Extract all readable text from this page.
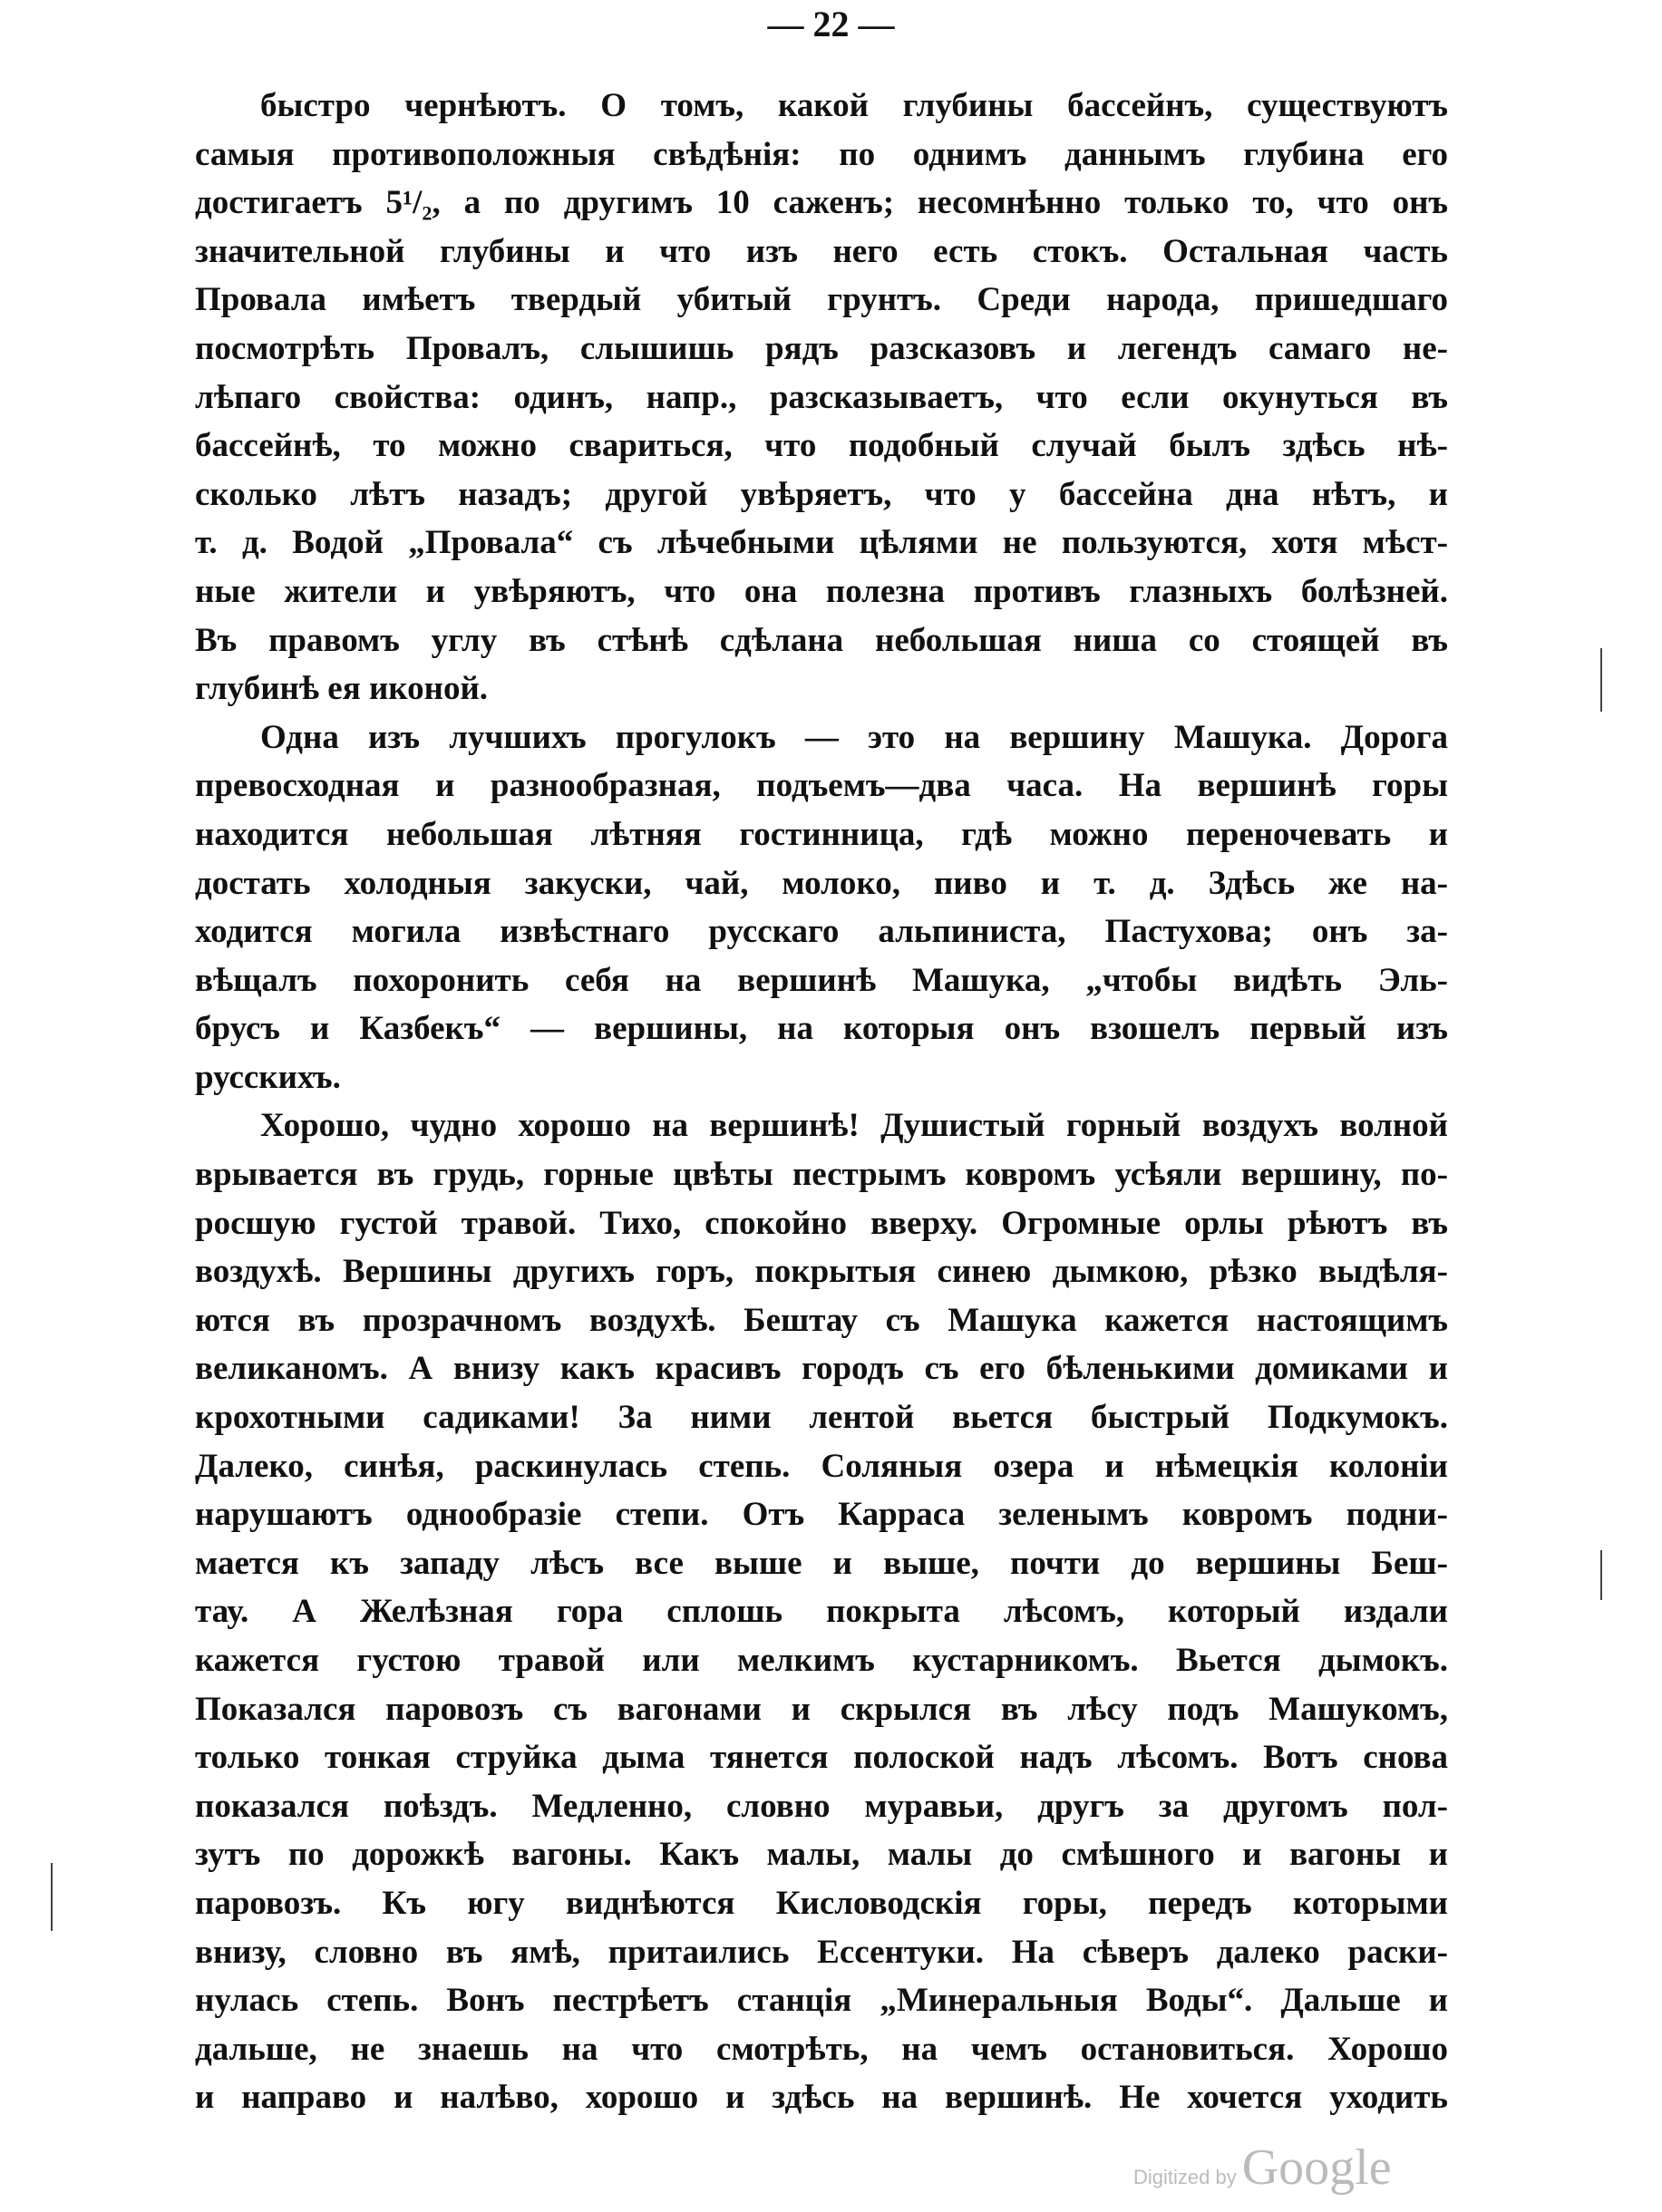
— 22 —
быстро чернѣютъ. О томъ, какой глубины бассейнъ, существуютъ
самыя противоположныя свѣдѣнія: по однимъ даннымъ глубина его
достигаетъ 5¹/₂, а по другимъ 10 саженъ; несомнѣнно только то, что онъ
значительной глубины и что изъ него есть стокъ. Остальная часть
Провала имѣетъ твердый убитый грунтъ. Среди народа, пришедшаго
посмотрѣть Провалъ, слышишь рядъ разсказовъ и легендъ самаго не-
лѣпаго свойства: одинъ, напр., разсказываетъ, что если окунуться въ
бассейнѣ, то можно свариться, что подобный случай былъ здѣсь нѣ-
сколько лѣтъ назадъ; другой увѣряетъ, что у бассейна дна нѣтъ, и
т. д. Водой „Провала“ съ лѣчебными цѣлями не пользуются, хотя мѣст-
ные жители и увѣряютъ, что она полезна противъ глазныхъ болѣзней.
Въ правомъ углу въ стѣнѣ сдѣлана небольшая ниша со стоящей въ
глубинѣ ея иконой.
Одна изъ лучшихъ прогулокъ — это на вершину Машука. Дорога
превосходная и разнообразная, подъемъ—два часа. На вершинѣ горы
находится небольшая лѣтняя гостинница, гдѣ можно переночевать и
достать холодныя закуски, чай, молоко, пиво и т. д. Здѣсь же на-
ходится могила извѣстнаго русскаго альпиниста, Пастухова; онъ за-
вѣщалъ похоронить себя на вершинѣ Машука, „чтобы видѣть Эль-
брусъ и Казбекъ“ — вершины, на которыя онъ взошелъ первый изъ
русскихъ.
Хорошо, чудно хорошо на вершинѣ! Душистый горный воздухъ волной
врывается въ грудь, горные цвѣты пестрымъ ковромъ усѣяли вершину, по-
росшую густой травой. Тихо, спокойно вверху. Огромные орлы рѣютъ въ
воздухѣ. Вершины другихъ горъ, покрытыя синею дымкою, рѣзко выдѣля-
ются въ прозрачномъ воздухѣ. Бештау съ Машука кажется настоящимъ
великаномъ. А внизу какъ красивъ городъ съ его бѣленькими домиками и
крохотными садиками! За ними лентой вьется быстрый Подкумокъ.
Далеко, синѣя, раскинулась степь. Соляныя озера и нѣмецкія колоніи
нарушаютъ однообразіе степи. Отъ Карраса зеленымъ ковромъ подни-
мается къ западу лѣсъ все выше и выше, почти до вершины Беш-
тау. А Желѣзная гора сплошь покрыта лѣсомъ, который издали
кажется густою травой или мелкимъ кустарникомъ. Вьется дымокъ.
Показался паровозъ съ вагонами и скрылся въ лѣсу подъ Машукомъ,
только тонкая струйка дыма тянется полоской надъ лѣсомъ. Вотъ снова
показался поѣздъ. Медленно, словно муравьи, другъ за другомъ пол-
зутъ по дорожкѣ вагоны. Какъ малы, малы до смѣшного и вагоны и
паровозъ. Къ югу виднѣются Кисловодскія горы, передъ которыми
внизу, словно въ ямѣ, притаились Ессентуки. На сѣверъ далеко раски-
нулась степь. Вонъ пестрѣетъ станція „Минеральныя Воды“. Дальше и
дальше, не знаешь на что смотрѣть, на чемъ остановиться. Хорошо
и направо и налѣво, хорошо и здѣсь на вершинѣ. Не хочется уходить
Digitized by Google
